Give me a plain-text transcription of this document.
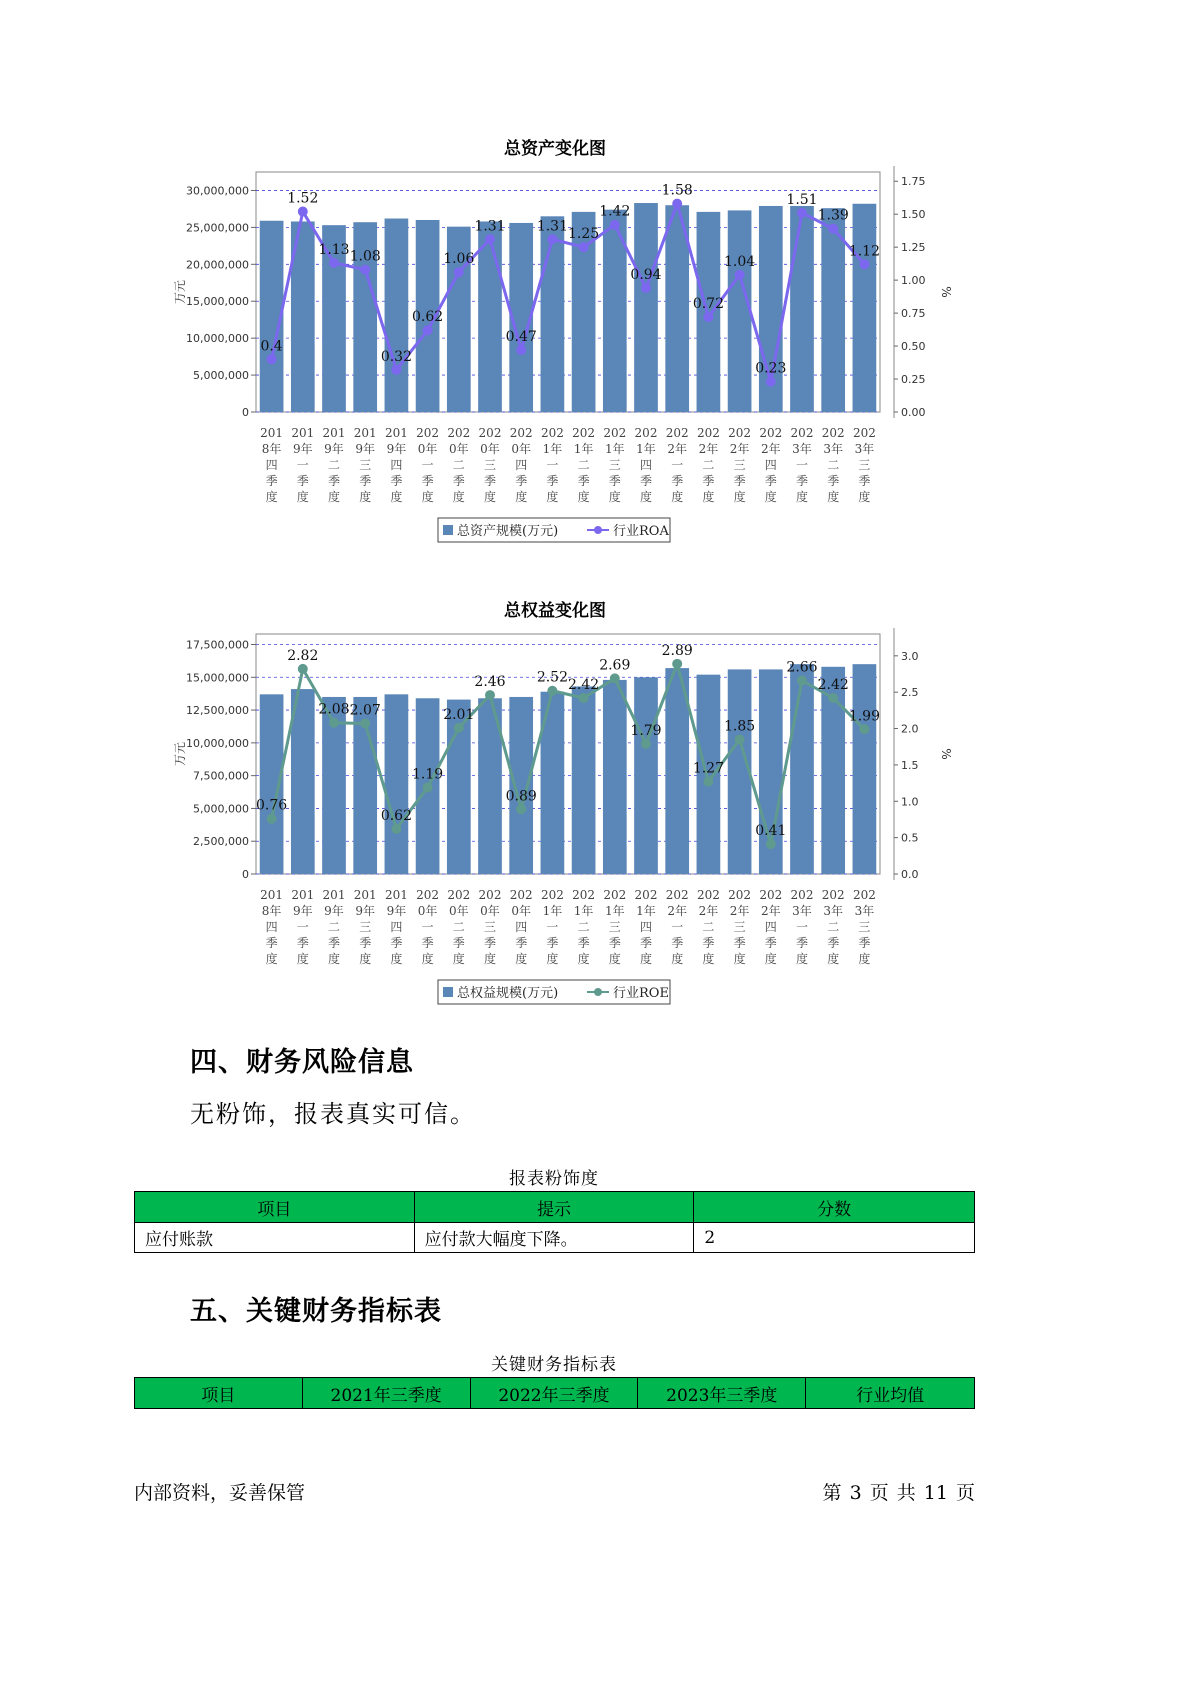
总资产变化图
0
5,000,000
10,000,000
15,000,000
20,000,000
25,000,000
30,000,000
万元
0.00
0.25
0.50
0.75
1.00
1.25
1.50
1.75
%
201
8年
四
季
度
201
9年
一
季
度
201
9年
二
季
度
201
9年
三
季
度
201
9年
四
季
度
202
0年
一
季
度
202
0年
二
季
度
202
0年
三
季
度
202
0年
四
季
度
202
1年
一
季
度
202
1年
二
季
度
202
1年
三
季
度
202
1年
四
季
度
202
2年
一
季
度
202
2年
二
季
度
202
2年
三
季
度
202
2年
四
季
度
202
3年
一
季
度
202
3年
二
季
度
202
3年
三
季
度
0.4
1.52
1.13 1.08
0.32
0.62
1.06
1.31
0.47
1.31 1.25
1.42
0.94
1.58
0.72
1.04
0.23
1.51
1.39
1.12
总资产规模(万元)	行业ROA
总权益变化图
0
2,500,000
5,000,000
7,500,000
10,000,000
12,500,000
15,000,000
17,500,000
万元
0.0
0.5
1.0
1.5
2.0
2.5
3.0
%
201
8年
四
季
度
201
9年
一
季
度
201
9年
二
季
度
201
9年
三
季
度
201
9年
四
季
度
202
0年
一
季
度
202
0年
二
季
度
202
0年
三
季
度
202
0年
四
季
度
202
1年
一
季
度
202
1年
二
季
度
202
1年
三
季
度
202
1年
四
季
度
202
2年
一
季
度
202
2年
二
季
度
202
2年
三
季
度
202
2年
四
季
度
202
3年
一
季
度
202
3年
二
季
度
202
3年
三
季
度
0.76
2.82
2.08 2.07
0.62
1.19
2.01
2.46
0.89
2.52 2.42
2.69
1.79
2.89
1.27
1.85
0.41
2.66
2.42
1.99
总权益规模(万元)	行业ROE
四、财务风险信息

无粉饰，报表真实可信。

报表粉饰度
项目	提示	分数
应付账款	应付款大幅度下降。	2
五、关键财务指标表
关键财务指标表
项目	2021年三季度	2022年三季度	2023年三季度	行业均值
内部资料，妥善保管	第 3 页 共 11 页
